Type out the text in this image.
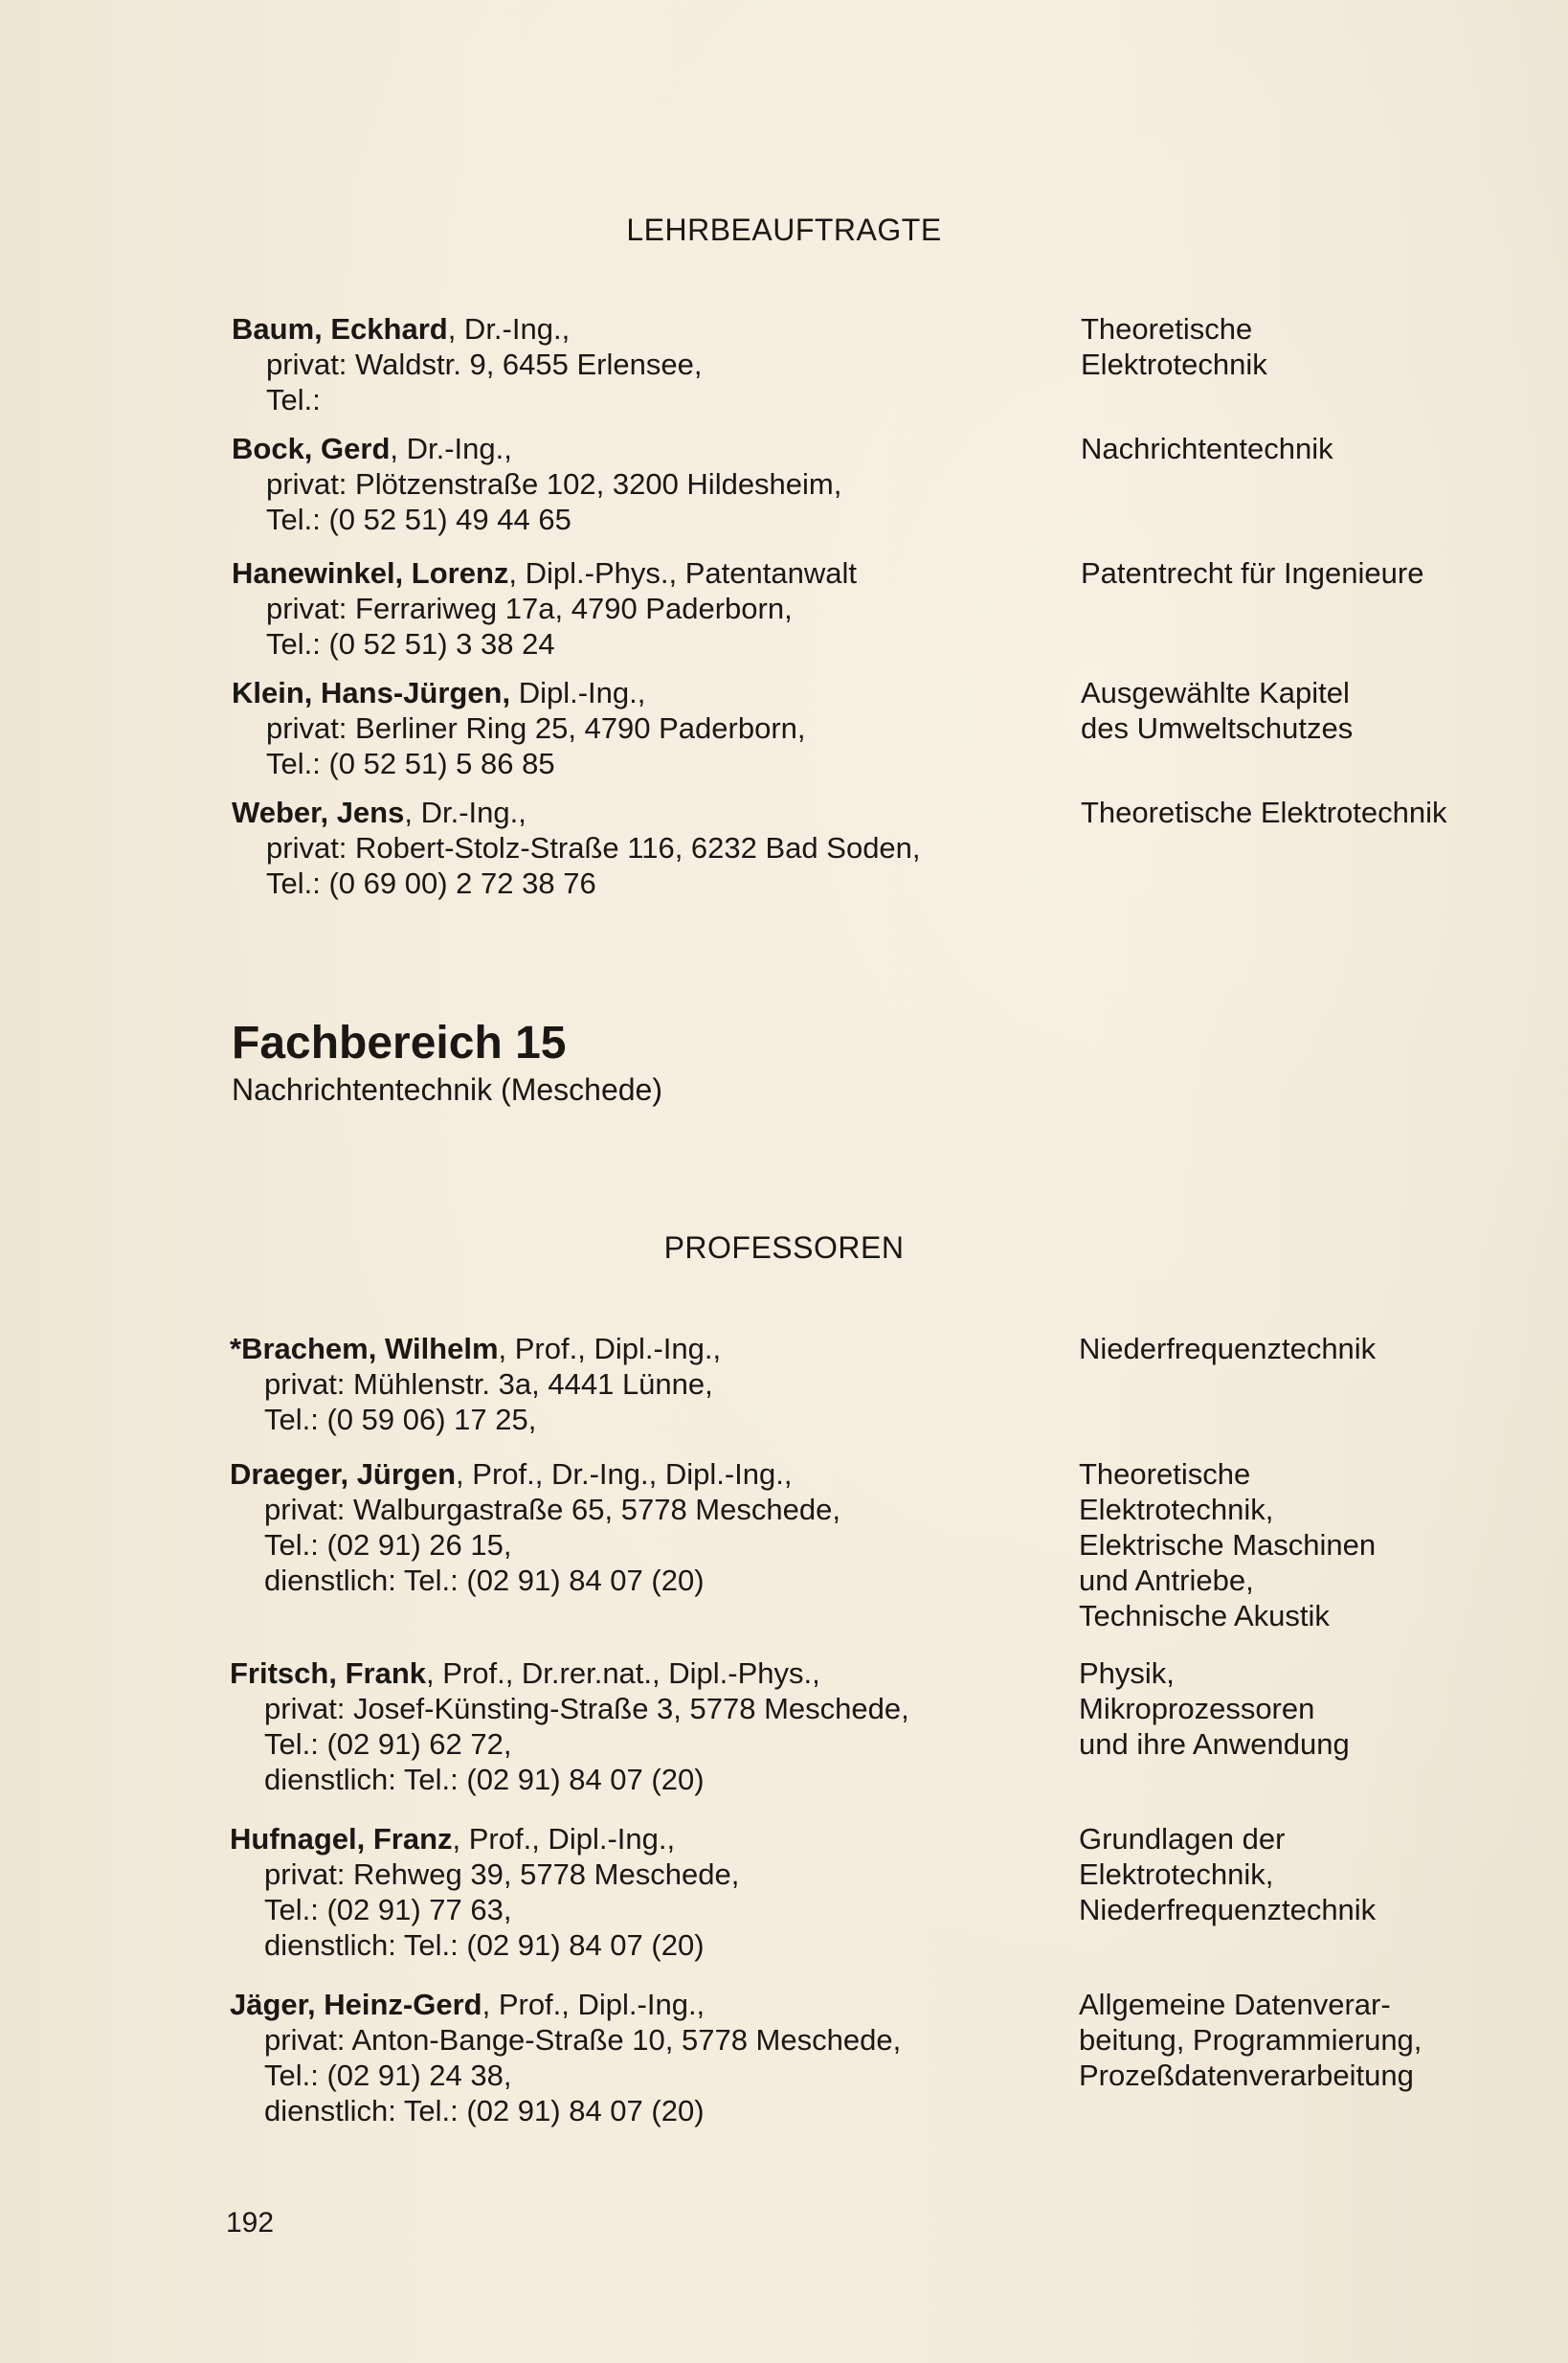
LEHRBEAUFTRAGTE
Baum, Eckhard, Dr.-Ing.,
privat: Waldstr. 9, 6455 Erlensee,
Tel.:
Theoretische
Elektrotechnik
Bock, Gerd, Dr.-Ing.,
privat: Plötzenstraße 102, 3200 Hildesheim,
Tel.: (0 52 51) 49 44 65
Nachrichtentechnik
Hanewinkel, Lorenz, Dipl.-Phys., Patentanwalt
privat: Ferrariweg 17a, 4790 Paderborn,
Tel.: (0 52 51) 3 38 24
Patentrecht für Ingenieure
Klein, Hans-Jürgen, Dipl.-Ing.,
privat: Berliner Ring 25, 4790 Paderborn,
Tel.: (0 52 51) 5 86 85
Ausgewählte Kapitel
des Umweltschutzes
Weber, Jens, Dr.-Ing.,
privat: Robert-Stolz-Straße 116, 6232 Bad Soden,
Tel.: (0 69 00) 2 72 38 76
Theoretische Elektrotechnik
Fachbereich 15
Nachrichtentechnik (Meschede)
PROFESSOREN
*Brachem, Wilhelm, Prof., Dipl.-Ing.,
privat: Mühlenstr. 3a, 4441 Lünne,
Tel.: (0 59 06) 17 25,
Niederfrequenztechnik
Draeger, Jürgen, Prof., Dr.-Ing., Dipl.-Ing.,
privat: Walburgastraße 65, 5778 Meschede,
Tel.: (02 91) 26 15,
dienstlich: Tel.: (02 91) 84 07 (20)
Theoretische
Elektrotechnik,
Elektrische Maschinen
und Antriebe,
Technische Akustik
Fritsch, Frank, Prof., Dr.rer.nat., Dipl.-Phys.,
privat: Josef-Künsting-Straße 3, 5778 Meschede,
Tel.: (02 91) 62 72,
dienstlich: Tel.: (02 91) 84 07 (20)
Physik,
Mikroprozessoren
und ihre Anwendung
Hufnagel, Franz, Prof., Dipl.-Ing.,
privat: Rehweg 39, 5778 Meschede,
Tel.: (02 91) 77 63,
dienstlich: Tel.: (02 91) 84 07 (20)
Grundlagen der
Elektrotechnik,
Niederfrequenztechnik
Jäger, Heinz-Gerd, Prof., Dipl.-Ing.,
privat: Anton-Bange-Straße 10, 5778 Meschede,
Tel.: (02 91) 24 38,
dienstlich: Tel.: (02 91) 84 07 (20)
Allgemeine Datenverar-
beitung, Programmierung,
Prozeßdatenverarbeitung
192
